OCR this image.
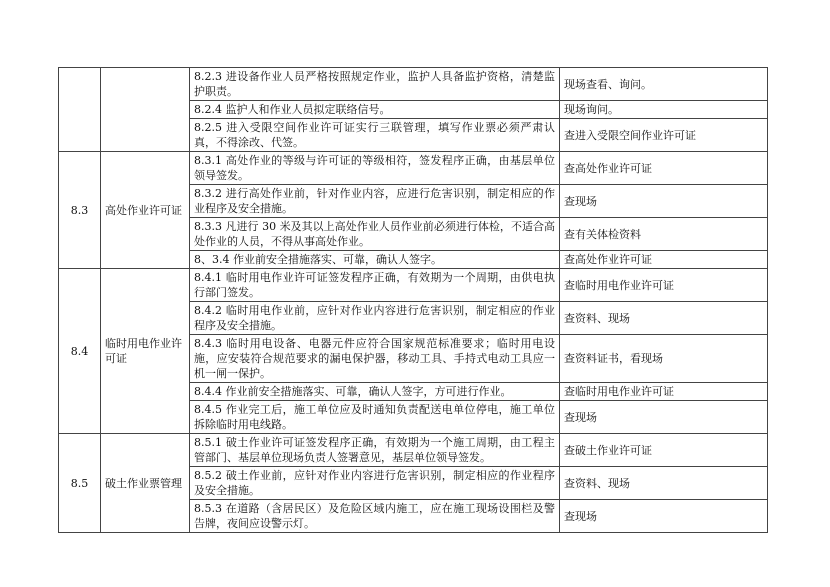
		8.2.3 进设备作业人员严格按照规定作业，监护人具备监护资格，清楚监护职责。	现场查看、询问。
		8.2.4 监护人和作业人员拟定联络信号。	现场询问。
		8.2.5 进入受限空间作业许可证实行三联管理，填写作业票必须严肃认真，不得涂改、代签。	查进入受限空间作业许可证
8.3	高处作业许可证	8.3.1 高处作业的等级与许可证的等级相符，签发程序正确，由基层单位领导签发。	查高处作业许可证
		8.3.2 进行高处作业前，针对作业内容，应进行危害识别，制定相应的作业程序及安全措施。	查现场
		8.3.3 凡进行 30 米及其以上高处作业人员作业前必须进行体检，不适合高处作业的人员，不得从事高处作业。	查有关体检资料
		8、3.4 作业前安全措施落实、可靠，确认人签字。	查高处作业许可证
8.4	临时用电作业许可证	8.4.1 临时用电作业许可证签发程序正确，有效期为一个周期，由供电执行部门签发。	查临时用电作业许可证
		8.4.2 临时用电作业前，应针对作业内容进行危害识别，制定相应的作业程序及安全措施。	查资料、现场
		8.4.3 临时用电设备、电器元件应符合国家规范标准要求；临时用电设施，应安装符合规范要求的漏电保护器，移动工具、手持式电动工具应一机一闸一保护。	查资料证书，看现场
		8.4.4 作业前安全措施落实、可靠，确认人签字，方可进行作业。	查临时用电作业许可证
		8.4.5 作业完工后，施工单位应及时通知负责配送电单位停电，施工单位拆除临时用电线路。	查现场
8.5	破土作业票管理	8.5.1 破土作业许可证签发程序正确，有效期为一个施工周期，由工程主管部门、基层单位现场负责人签署意见，基层单位领导签发。	查破土作业许可证
		8.5.2 破土作业前，应针对作业内容进行危害识别，制定相应的作业程序及安全措施。	查资料、现场
		8.5.3 在道路（含居民区）及危险区域内施工，应在施工现场设围栏及警告牌，夜间应设警示灯。	查现场
